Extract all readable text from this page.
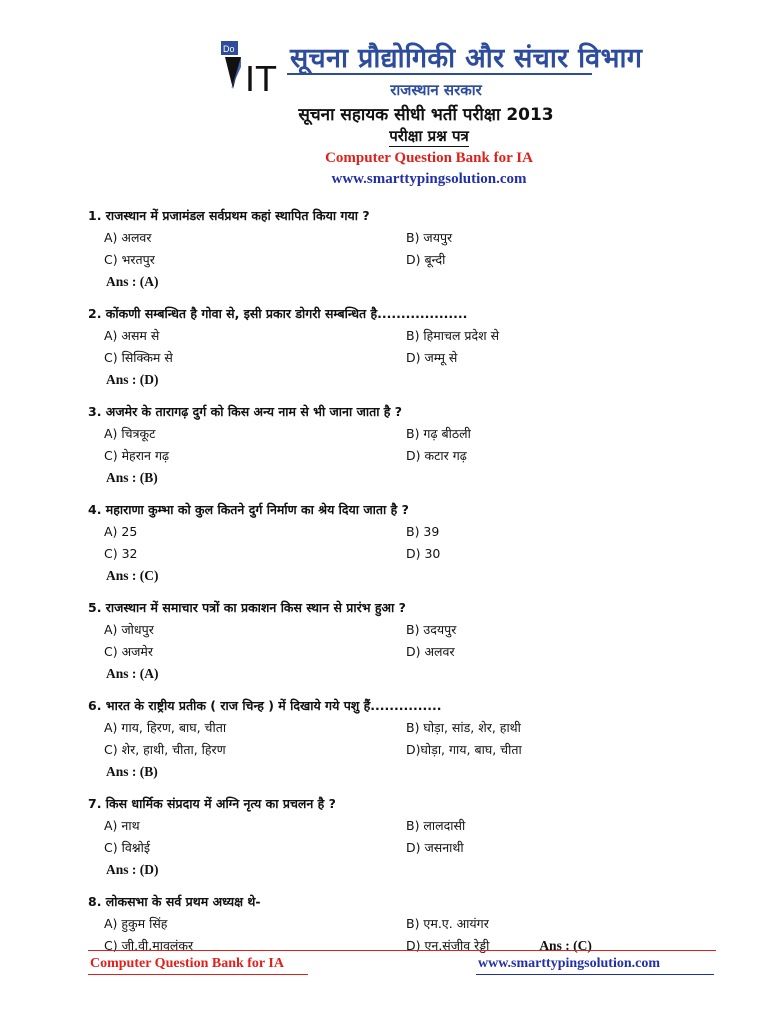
Do
IT सूचना प्रौद्योगिकी और संचार विभाग
राजस्थान सरकार
सूचना सहायक सीधी भर्ती परीक्षा 2013
परीक्षा प्रश्न पत्र
Computer Question Bank for IA
www.smarttypingsolution.com
1. राजस्थान में प्रजामंडल सर्वप्रथम कहां स्थापित किया गया ?
A) अलवर	B) जयपुर
C) भरतपुर	D) बून्दी
Ans : (A)
2. कोंकणी सम्बन्धित है गोवा से, इसी प्रकार डोगरी सम्बन्धित है...................
A) असम से	B) हिमाचल प्रदेश से
C) सिक्किम से	D) जम्मू से
Ans : (D)
3. अजमेर के तारागढ़ दुर्ग को किस अन्य नाम से भी जाना जाता है ?
A) चित्रकूट	B) गढ़ बीठली
C) मेहरान गढ़	D) कटार गढ़
Ans : (B)
4. महाराणा कुम्भा को कुल कितने दुर्ग निर्माण का श्रेय दिया जाता है ?
A) 25	B) 39
C) 32	D) 30
Ans : (C)
5. राजस्थान में समाचार पत्रों का प्रकाशन किस स्थान से प्रारंभ हुआ ?
A) जोधपुर	B) उदयपुर
C) अजमेर	D) अलवर
Ans : (A)
6. भारत के राष्ट्रीय प्रतीक ( राज चिन्ह ) में दिखाये गये पशु हैं...............
A) गाय, हिरण, बाघ, चीता	B) घोड़ा, सांड, शेर, हाथी
C) शेर, हाथी, चीता, हिरण	D)घोड़ा, गाय, बाघ, चीता
Ans : (B)
7. किस धार्मिक संप्रदाय में अग्नि नृत्य का प्रचलन है ?
A) नाथ	B) लालदासी
C) विश्नोई	D) जसनाथी
Ans : (D)
8. लोकसभा के सर्व प्रथम अध्यक्ष थे-
A) हुकुम सिंह	B) एम.ए. आयंगर
C) जी.वी.मावलंकर	D) एन.संजीव रेड्डी	Ans : (C)
Computer Question Bank for IA	www.smarttypingsolution.com
